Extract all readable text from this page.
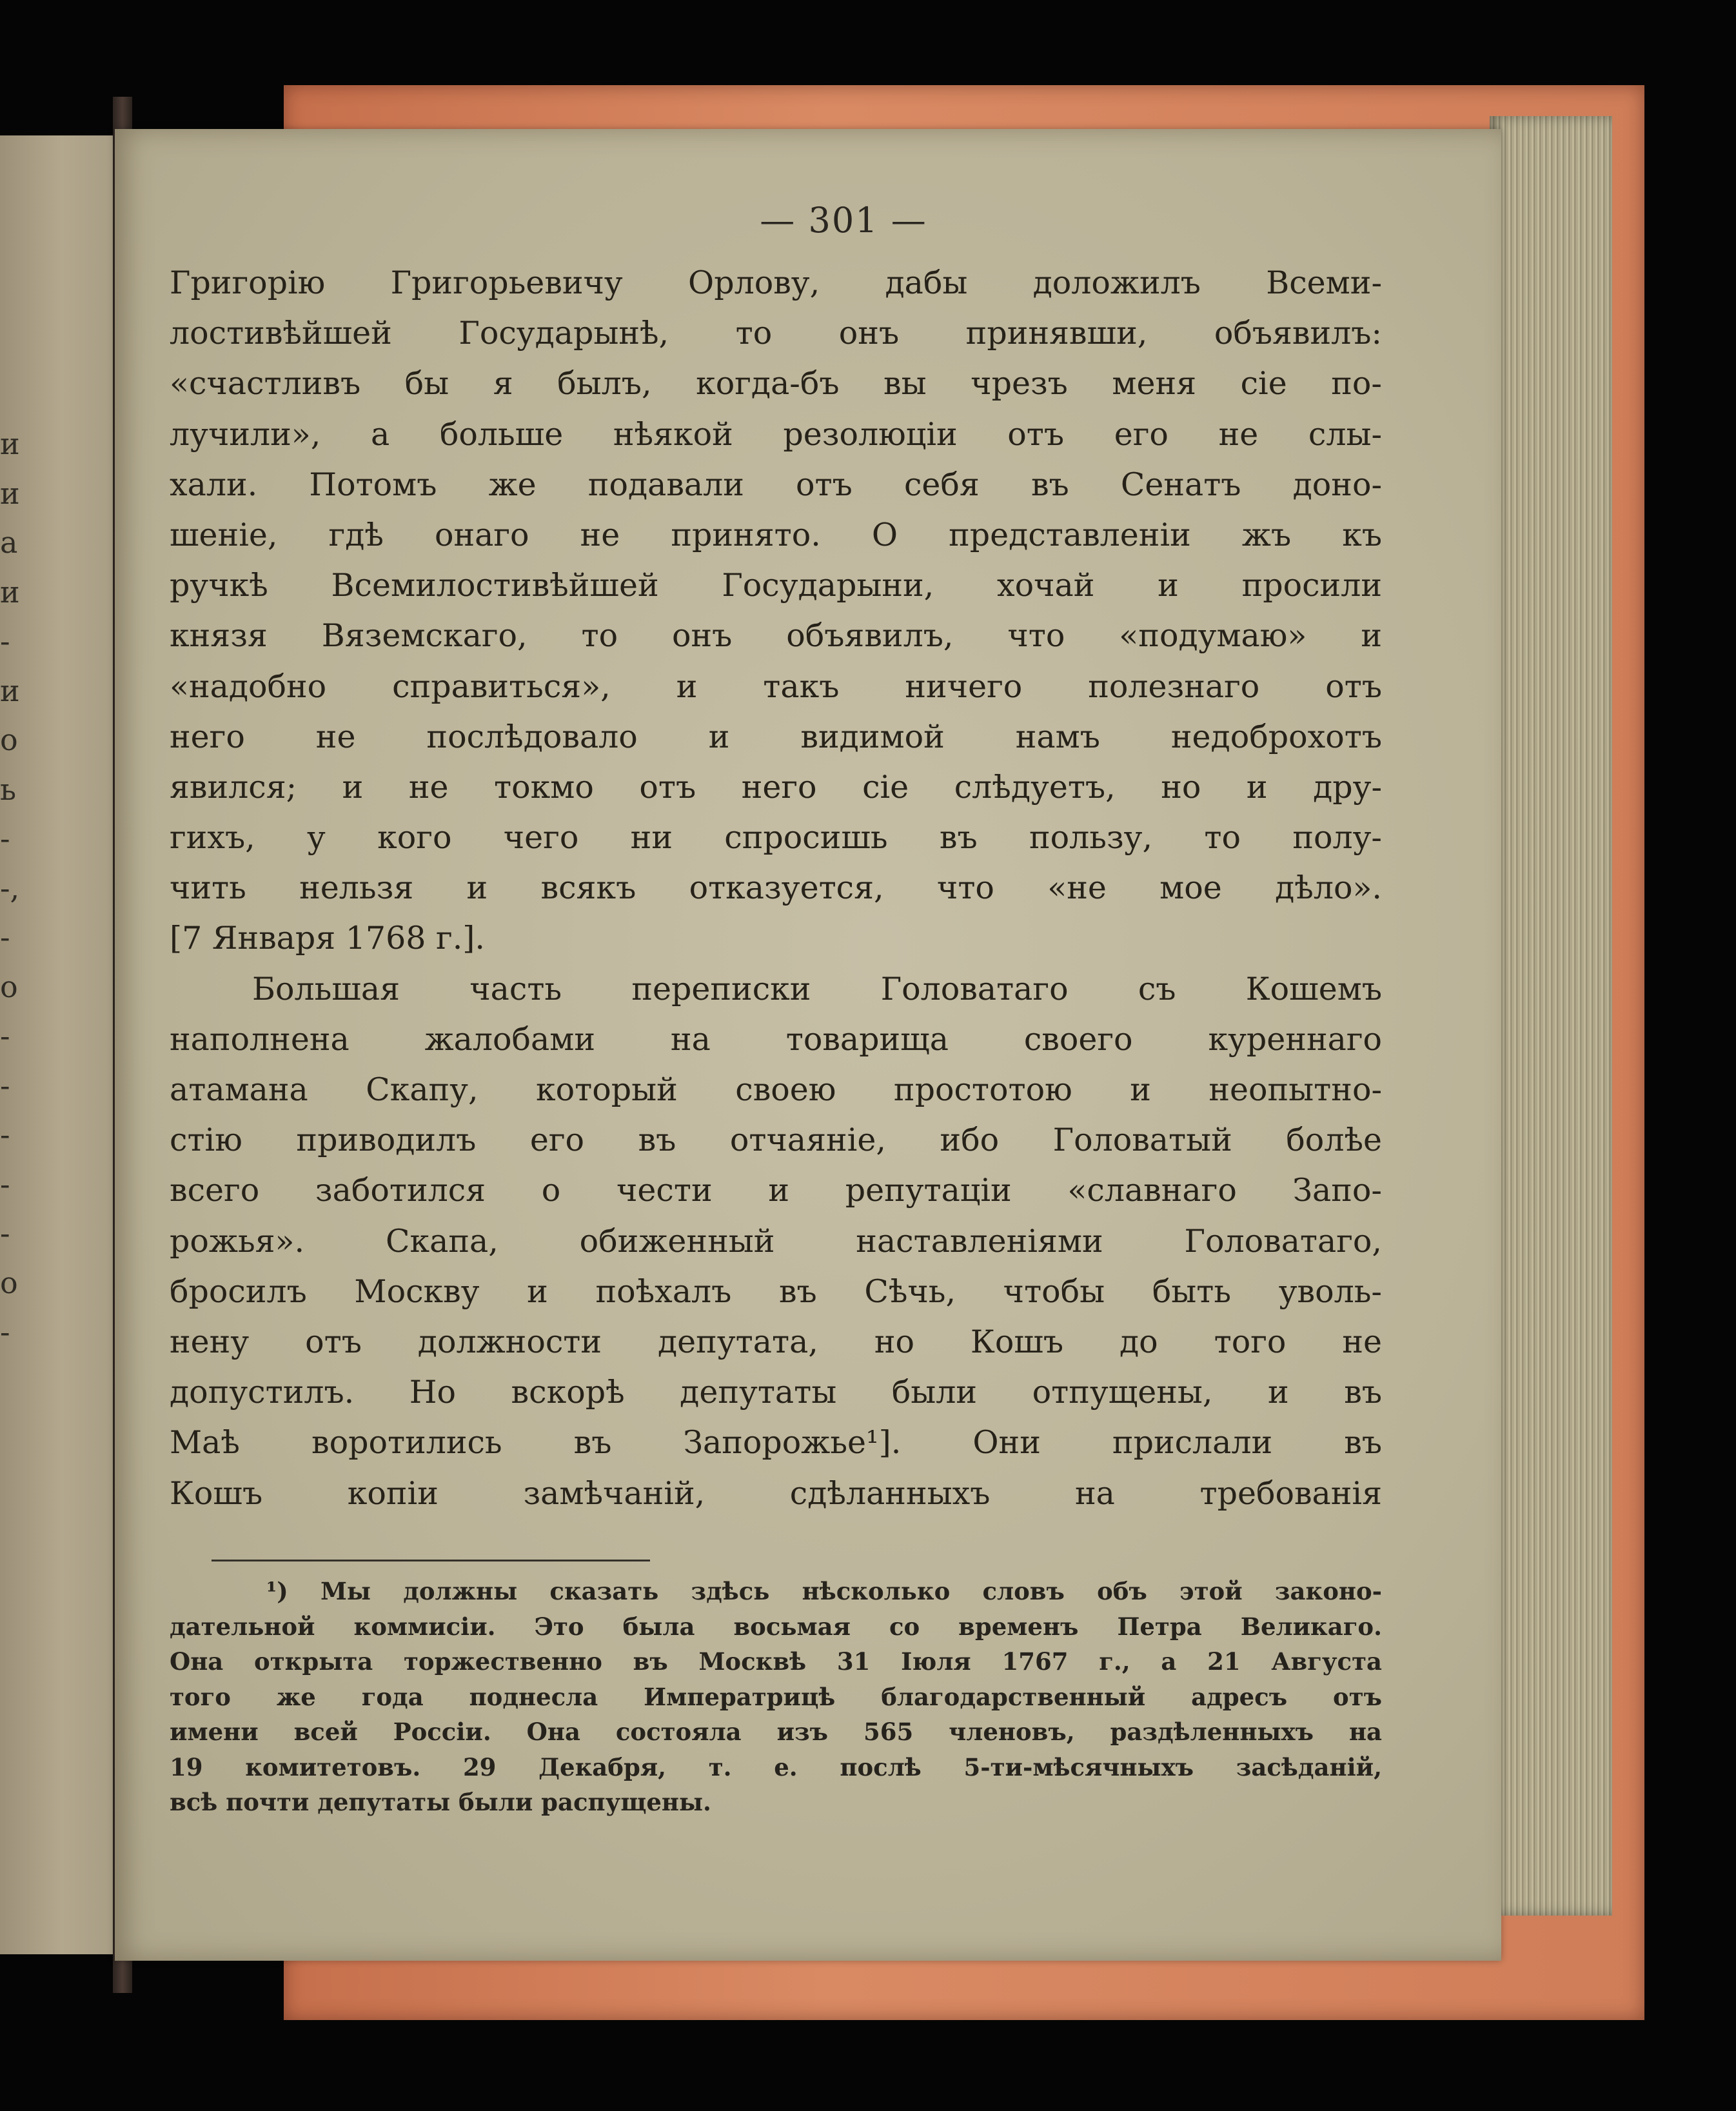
и
и
а
и
-
и
о
ь
-
-,
-
о
-
-
-
-
-
о
-
— 301 —
Григорію Григорьевичу Орлову, дабы доложилъ Всеми-
лостивѣйшей Государынѣ, то онъ принявши, объявилъ:
«счастливъ бы я былъ, когда-бъ вы чрезъ меня сіе по-
лучили», а больше нѣякой резолюціи отъ его не слы-
хали. Потомъ же подавали отъ себя въ Сенатъ доно-
шеніе, гдѣ онаго не принято. О представленіи жъ къ
ручкѣ Всемилостивѣйшей Государыни, хочай и просили
князя Вяземскаго, то онъ объявилъ, что «подумаю» и
«надобно справиться», и такъ ничего полезнаго отъ
него не послѣдовало и видимой намъ недоброхотъ
явился; и не токмо отъ него сіе слѣдуетъ, но и дру-
гихъ, у кого чего ни спросишь въ пользу, то полу-
чить нельзя и всякъ отказуется, что «не мое дѣло».
[7 Января 1768 г.].
Большая часть переписки Головатаго съ Кошемъ
наполнена жалобами на товарища своего куреннаго
атамана Скапу, который своею простотою и неопытно-
стію приводилъ его въ отчаяніе, ибо Головатый болѣе
всего заботился о чести и репутаціи «славнаго Запо-
рожья». Скапа, обиженный наставленіями Головатаго,
бросилъ Москву и поѣхалъ въ Сѣчь, чтобы быть уволь-
нену отъ должности депутата, но Кошъ до того не
допустилъ. Но вскорѣ депутаты были отпущены, и въ
Маѣ воротились въ Запорожье¹]. Они прислали въ
Кошъ копіи замѣчаній, сдѣланныхъ на требованія
¹) Мы должны сказать здѣсь нѣсколько словъ объ этой законо-
дательной коммисіи. Это была восьмая со временъ Петра Великаго.
Она открыта торжественно въ Москвѣ 31 Іюля 1767 г., а 21 Августа
того же года поднесла Императрицѣ благодарственный адресъ отъ
имени всей Россіи. Она состояла изъ 565 членовъ, раздѣленныхъ на
19 комитетовъ. 29 Декабря, т. е. послѣ 5-ти-мѣсячныхъ засѣданій,
всѣ почти депутаты были распущены.
